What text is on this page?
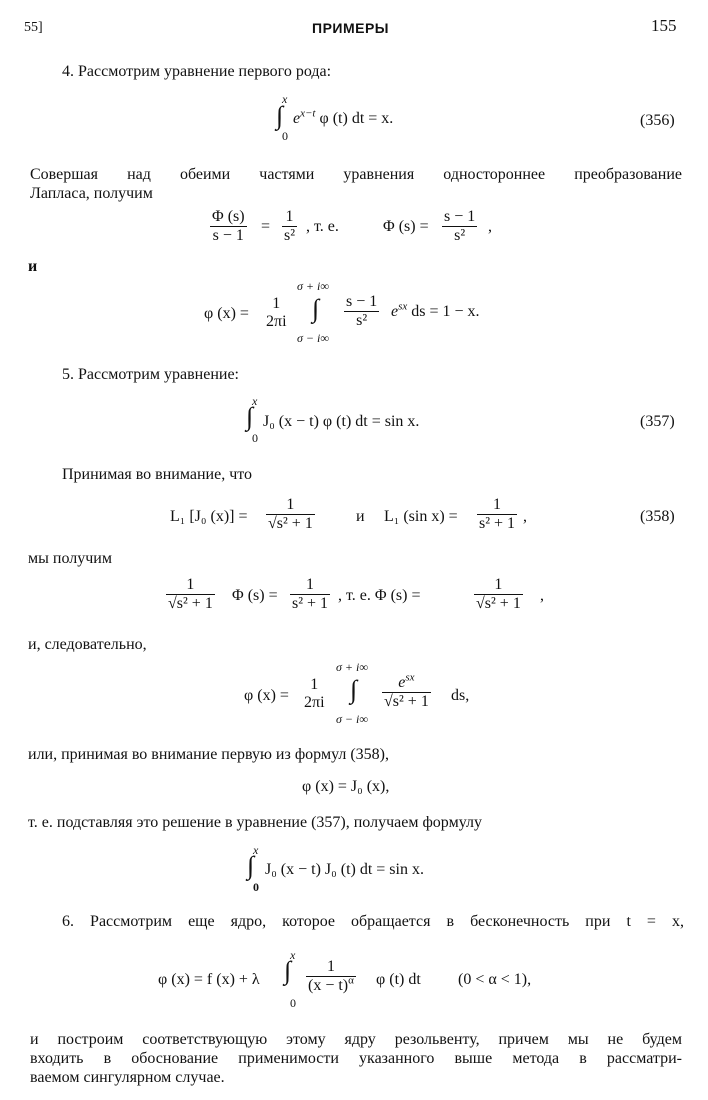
55]	ПРИМЕРЫ	155
4. Рассмотрим уравнение первого рода:
x
∫
0
$e^{x-t}$ φ (t) dt = x.	(356)
Совершая над обеими частями уравнения одностороннее преобразование
Лапласа, получим
$\frac{\Phi (s)}{s - 1} = \frac{1}{\text{s²}}$ , т. е.	Φ $(s) = \frac{s - 1}{\text{s²}}$ ,
и
φ (x) =
1
2πi
σ + i∞
∫
σ − i∞
$\frac{s - 1}{\text{s²}} e^{sx}$ ds = 1 − x.
5. Рассмотрим уравнение:
x
∫
0
J₀ (x − t) φ (t) dt = sin x.	(357)
Принимая во внимание, что
L₁ [J₀ $(x)] = \frac{1}{\text{√s² + 1}}$	и L₁ (sin $x) = \frac{1}{\text{s² + 1}}$ ,	(358)
мы получим
$\frac{1}{\text{√s² + 1}}$ Φ $(s) = \frac{1}{\text{s² + 1}}$ , т. е. Φ (s) =	$\frac{1}{\text{√s² + 1}}$ ,
и, следовательно,
φ (x) =
1
2πi
σ + i∞
∫
σ − i∞
$e^{sx}$
√s² + 1 ds,
или, принимая во внимание первую из формул (358),
φ (x) = J₀ (x),
т. е. подставляя это решение в уравнение (357), получаем формулу
x
∫
0
J₀ (x − t) J₀ (t) dt = sin x.
6. Рассмотрим еще ядро, которое обращается в бесконечность при t = x,
φ (x) = f (x) + λ
x
∫
0
$\frac{1}{(x - t)^\alpha}$ φ (t) dt (0 < α < 1),
и построим соответствующую этому ядру резольвенту, причем мы не будем
входить в обоснование применимости указанного выше метода в рассматри-
ваемом сингулярном случае.
